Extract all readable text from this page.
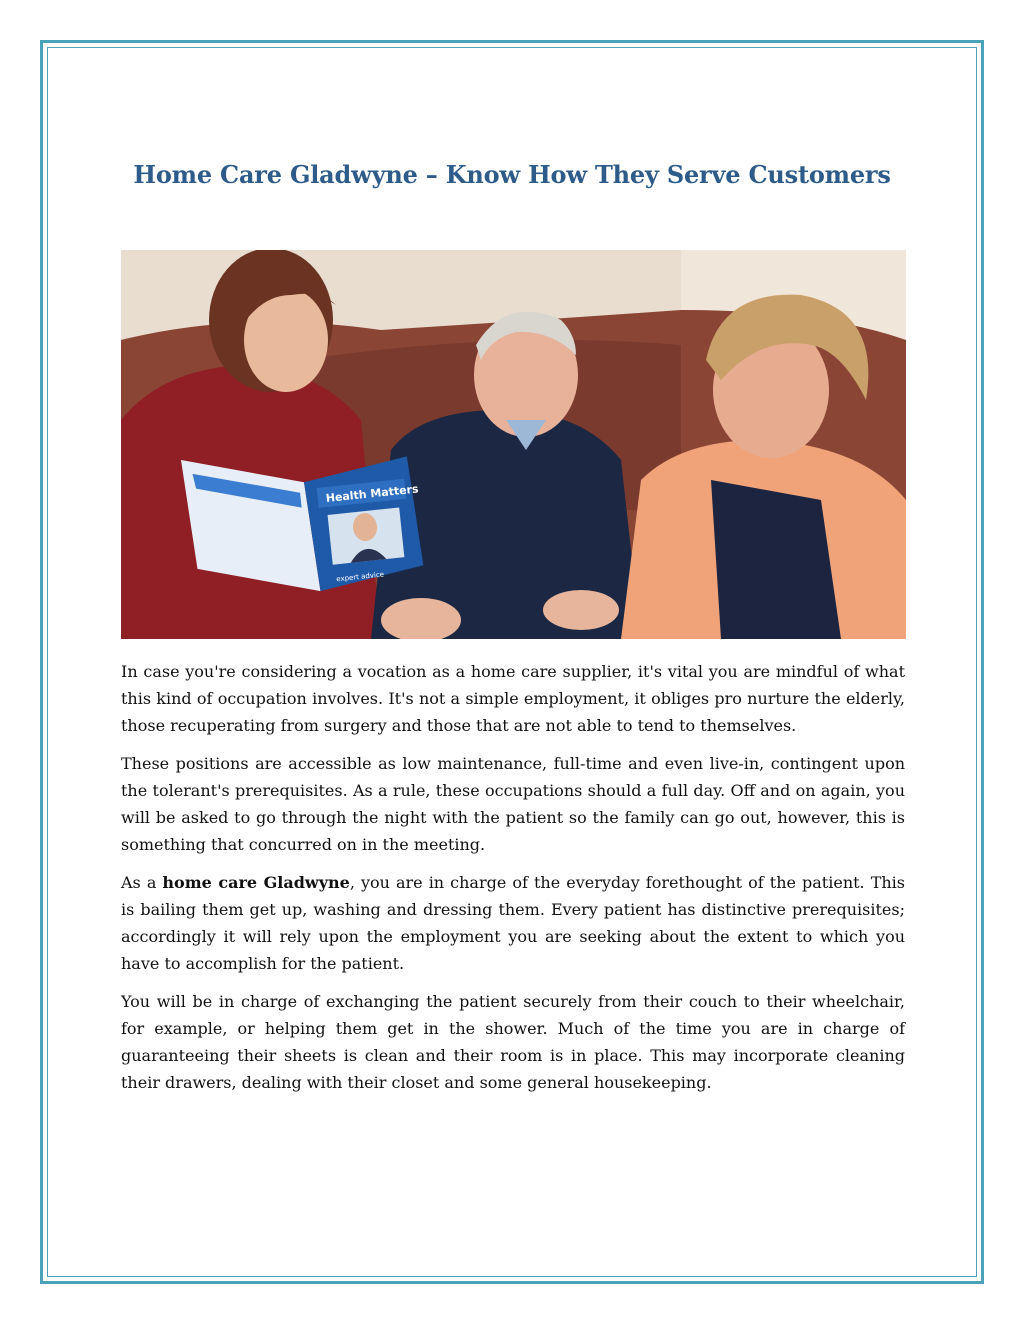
Home Care Gladwyne – Know How They Serve Customers
Health Matters
expert advice

In case you're considering a vocation as a home care supplier, it's vital you are mindful of what this kind of occupation involves. It's not a simple employment, it obliges pro nurture the elderly, those recuperating from surgery and those that are not able to tend to themselves.

These positions are accessible as low maintenance, full-time and even live-in, contingent upon the tolerant's prerequisites. As a rule, these occupations should a full day. Off and on again, you will be asked to go through the night with the patient so the family can go out, however, this is something that concurred on in the meeting.

As a home care Gladwyne, you are in charge of the everyday forethought of the patient. This is bailing them get up, washing and dressing them. Every patient has distinctive prerequisites; accordingly it will rely upon the employment you are seeking about the extent to which you have to accomplish for the patient.

You will be in charge of exchanging the patient securely from their couch to their wheelchair, for example, or helping them get in the shower. Much of the time you are in charge of guaranteeing their sheets is clean and their room is in place. This may incorporate cleaning their drawers, dealing with their closet and some general housekeeping.
